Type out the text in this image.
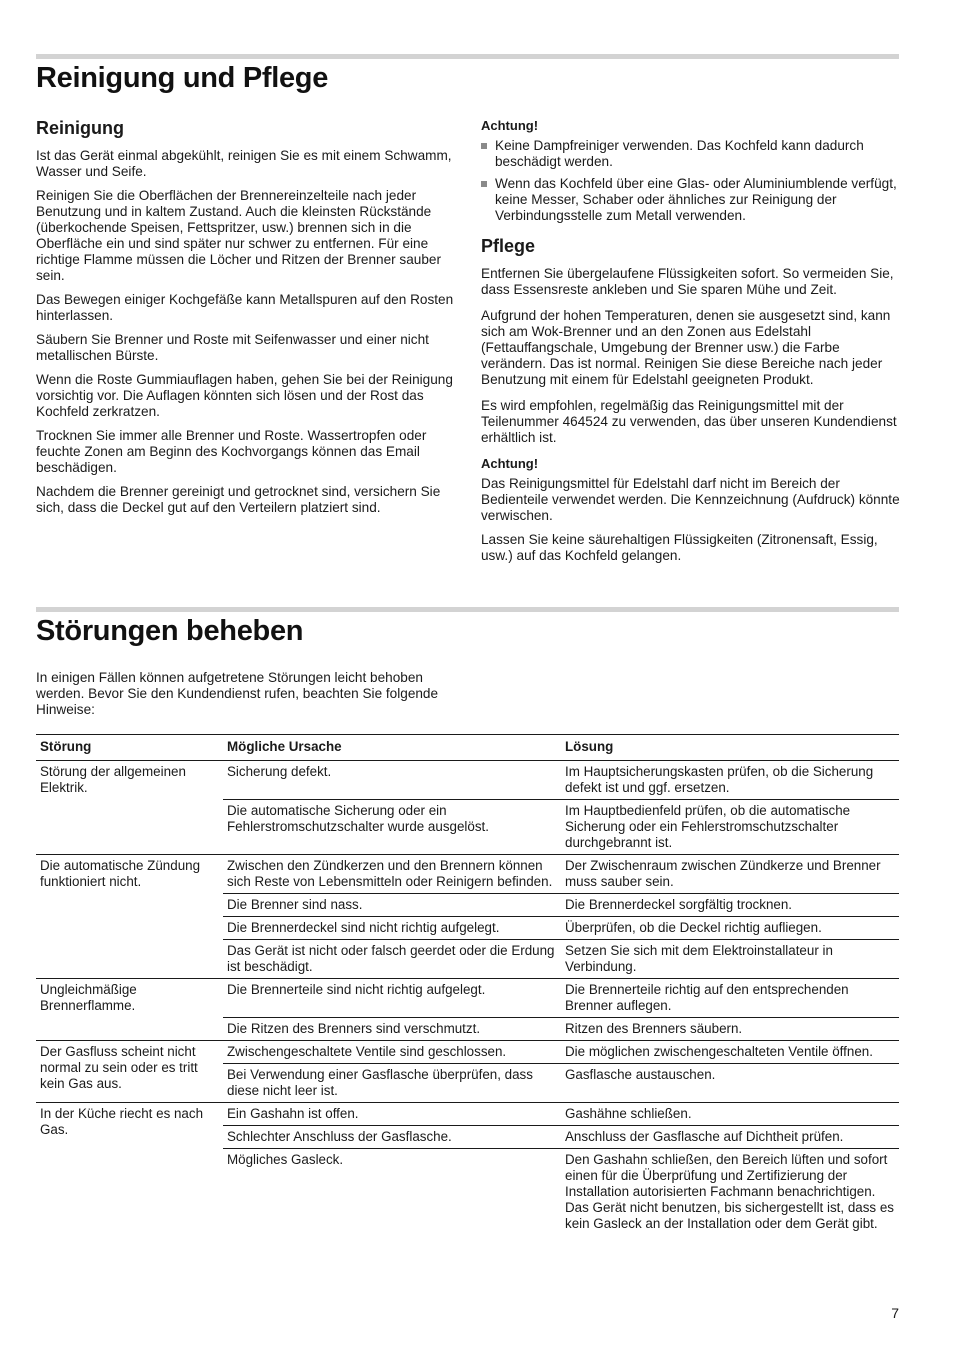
Reinigung und Pflege
Reinigung

Ist das Gerät einmal abgekühlt, reinigen Sie es mit einem Schwamm, Wasser und Seife.

Reinigen Sie die Oberflächen der Brennereinzelteile nach jeder Benutzung und in kaltem Zustand. Auch die kleinsten Rückstände (überkochende Speisen, Fettspritzer, usw.) brennen sich in die Oberfläche ein und sind später nur schwer zu entfernen. Für eine richtige Flamme müssen die Löcher und Ritzen der Brenner sauber sein.

Das Bewegen einiger Kochgefäße kann Metallspuren auf den Rosten hinterlassen.

Säubern Sie Brenner und Roste mit Seifenwasser und einer nicht metallischen Bürste.

Wenn die Roste Gummiauflagen haben, gehen Sie bei der Reinigung vorsichtig vor. Die Auflagen könnten sich lösen und der Rost das Kochfeld zerkratzen.

Trocknen Sie immer alle Brenner und Roste. Wassertropfen oder feuchte Zonen am Beginn des Kochvorgangs können das Email beschädigen.

Nachdem die Brenner gereinigt und getrocknet sind, versichern Sie sich, dass die Deckel gut auf den Verteilern platziert sind.

Achtung!
Keine Dampfreiniger verwenden. Das Kochfeld kann dadurch beschädigt werden.
Wenn das Kochfeld über eine Glas- oder Aluminiumblende verfügt, keine Messer, Schaber oder ähnliches zur Reinigung der Verbindungsstelle zum Metall verwenden.
Pflege

Entfernen Sie übergelaufene Flüssigkeiten sofort. So vermeiden Sie, dass Essensreste ankleben und Sie sparen Mühe und Zeit.

Aufgrund der hohen Temperaturen, denen sie ausgesetzt sind, kann sich am Wok-Brenner und an den Zonen aus Edelstahl (Fettauffangschale, Umgebung der Brenner usw.) die Farbe verändern. Das ist normal. Reinigen Sie diese Bereiche nach jeder Benutzung mit einem für Edelstahl geeigneten Produkt.

Es wird empfohlen, regelmäßig das Reinigungsmittel mit der Teilenummer 464524 zu verwenden, das über unseren Kundendienst erhältlich ist.

Achtung!

Das Reinigungsmittel für Edelstahl darf nicht im Bereich der Bedienteile verwendet werden. Die Kennzeichnung (Aufdruck) könnte verwischen.

Lassen Sie keine säurehaltigen Flüssigkeiten (Zitronensaft, Essig, usw.) auf das Kochfeld gelangen.

Störungen beheben

In einigen Fällen können aufgetretene Störungen leicht behoben werden. Bevor Sie den Kundendienst rufen, beachten Sie folgende Hinweise:

Störung	Mögliche Ursache	Lösung
Störung der allgemeinen Elektrik.	Sicherung defekt.	Im Hauptsicherungskasten prüfen, ob die Sicherung defekt ist und ggf. ersetzen.
	Die automatische Sicherung oder ein Fehlerstromschutzschalter wurde ausgelöst.	Im Hauptbedienfeld prüfen, ob die automatische Sicherung oder ein Fehlerstromschutzschalter durchgebrannt ist.
Die automatische Zündung funktioniert nicht.	Zwischen den Zündkerzen und den Brennern können sich Reste von Lebensmitteln oder Reinigern befinden.	Der Zwischenraum zwischen Zündkerze und Brenner muss sauber sein.
	Die Brenner sind nass.	Die Brennerdeckel sorgfältig trocknen.
	Die Brennerdeckel sind nicht richtig aufgelegt.	Überprüfen, ob die Deckel richtig aufliegen.
	Das Gerät ist nicht oder falsch geerdet oder die Erdung ist beschädigt.	Setzen Sie sich mit dem Elektroinstallateur in Verbindung.
Ungleichmäßige Brennerflamme.	Die Brennerteile sind nicht richtig aufgelegt.	Die Brennerteile richtig auf den entsprechenden Brenner auflegen.
	Die Ritzen des Brenners sind verschmutzt.	Ritzen des Brenners säubern.
Der Gasfluss scheint nicht normal zu sein oder es tritt kein Gas aus.	Zwischengeschaltete Ventile sind geschlossen.	Die möglichen zwischengeschalteten Ventile öffnen.
	Bei Verwendung einer Gasflasche überprüfen, dass diese nicht leer ist.	Gasflasche austauschen.
In der Küche riecht es nach Gas.	Ein Gashahn ist offen.	Gashähne schließen.
	Schlechter Anschluss der Gasflasche.	Anschluss der Gasflasche auf Dichtheit prüfen.
	Mögliches Gasleck.	Den Gashahn schließen, den Bereich lüften und sofort einen für die Überprüfung und Zertifizierung der Installation autorisierten Fachmann benachrichtigen. Das Gerät nicht benutzen, bis sichergestellt ist, dass es kein Gasleck an der Installation oder dem Gerät gibt.
7
